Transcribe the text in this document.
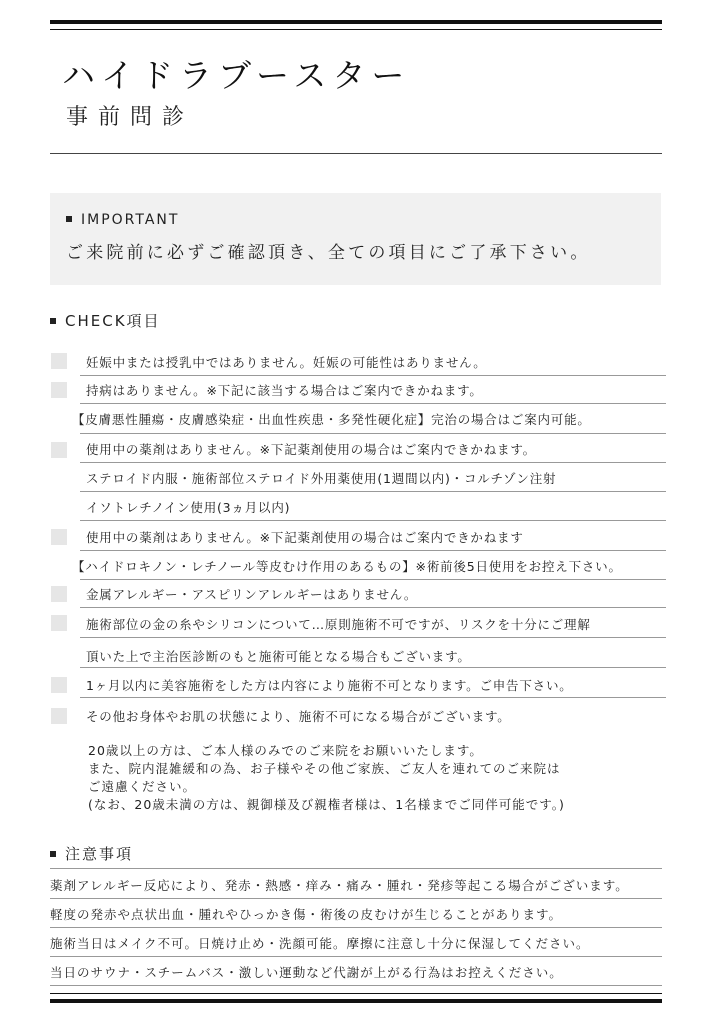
ハイドラブースター
事前問診
IMPORTANT
ご来院前に必ずご確認頂き、全ての項目にご了承下さい。
CHECK項目
妊娠中または授乳中ではありません。妊娠の可能性はありません。
持病はありません。※下記に該当する場合はご案内できかねます。
【皮膚悪性腫瘍・皮膚感染症・出血性疾患・多発性硬化症】完治の場合はご案内可能。
使用中の薬剤はありません。※下記薬剤使用の場合はご案内できかねます。
ステロイド内服・施術部位ステロイド外用薬使用(1週間以内)・コルチゾン注射
イソトレチノイン使用(3ヵ月以内)
使用中の薬剤はありません。※下記薬剤使用の場合はご案内できかねます
【ハイドロキノン・レチノール等皮むけ作用のあるもの】※術前後5日使用をお控え下さい。
金属アレルギー・アスピリンアレルギーはありません。
施術部位の金の糸やシリコンについて…原則施術不可ですが、リスクを十分にご理解
頂いた上で主治医診断のもと施術可能となる場合もございます。
1ヶ月以内に美容施術をした方は内容により施術不可となります。ご申告下さい。
その他お身体やお肌の状態により、施術不可になる場合がございます。
20歳以上の方は、ご本人様のみでのご来院をお願いいたします。
また、院内混雑緩和の為、お子様やその他ご家族、ご友人を連れてのご来院は
ご遠慮ください。
(なお、20歳未満の方は、親御様及び親権者様は、1名様までご同伴可能です。)
注意事項
薬剤アレルギー反応により、発赤・熱感・痒み・痛み・腫れ・発疹等起こる場合がございます。
軽度の発赤や点状出血・腫れやひっかき傷・術後の皮むけが生じることがあります。
施術当日はメイク不可。日焼け止め・洗顔可能。摩擦に注意し十分に保湿してください。
当日のサウナ・スチームバス・激しい運動など代謝が上がる行為はお控えください。
